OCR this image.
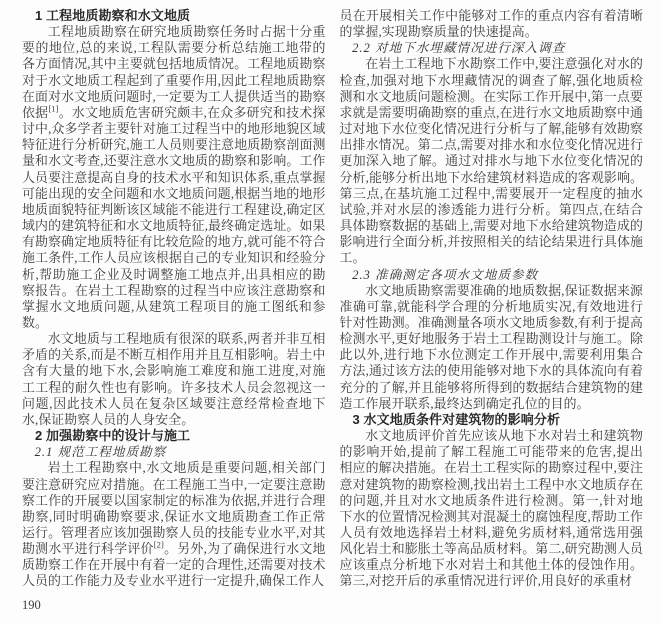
1 工程地质勘察和水文地质

工程地质勘察在研究地质勘察任务时占据十分重要的地位,总的来说,工程队需要分析总结施工地带的各方面情况,其中主要就包括地质情况。工程地质勘察对于水文地质工程起到了重要作用,因此工程地质勘察在面对水文地质问题时,一定要为工人提供适当的勘察依据[1]。水文地质危害研究颇丰,在众多研究和技术探讨中,众多学者主要针对施工过程当中的地形地貌区域特征进行分析研究,施工人员则要注意地质勘察剖面测量和水文考查,还要注意水文地质的勘察和影响。工作人员要注意提高自身的技术水平和知识体系,重点掌握可能出现的安全问题和水文地质问题,根据当地的地形地质面貌特征判断该区域能不能进行工程建设,确定区域内的建筑特征和水文地质特征,最终确定选址。如果有勘察确定地质特征有比较危险的地方,就可能不符合施工条件,工作人员应该根据自己的专业知识和经验分析,帮助施工企业及时调整施工地点并,出具相应的勘察报告。在岩土工程勘察的过程当中应该注意勘察和掌握水文地质问题,从建筑工程项目的施工图纸和参数。

水文地质与工程地质有很深的联系,两者并非互相矛盾的关系,而是不断互相作用并且互相影响。岩土中含有大量的地下水,会影响施工难度和施工进度,对施工工程的耐久性也有影响。许多技术人员会忽视这一问题,因此技术人员在复杂区域要注意经常检查地下水,保证勘察人员的人身安全。

2 加强勘察中的设计与施工
2.1 规范工程地质勘察

岩土工程勘察中,水文地质是重要问题,相关部门要注意研究应对措施。在工程施工当中,一定要注意勘察工作的开展要以国家制定的标准为依据,并进行合理勘察,同时明确勘察要求,保证水文地质勘查工作正常运行。管理者应该加强勘察人员的技能专业水平,对其勘测水平进行科学评价[2]。另外,为了确保进行水文地质勘察工作在开展中有着一定的合理性,还需要对技术人员的工作能力及专业水平进行一定提升,确保工作人

员在开展相关工作中能够对工作的重点内容有着清晰的掌握,实现勘察质量的快速提高。

2.2 对地下水埋藏情况进行深入调查

在岩土工程地下水勘察工作中,要注意强化对水的检查,加强对地下水埋藏情况的调查了解,强化地质检测和水文地质问题检测。在实际工作开展中,第一点要求就是需要明确勘察的重点,在进行水文地质勘察中通过对地下水位变化情况进行分析与了解,能够有效勘察出排水情况。第二点,需要对排水和水位变化情况进行更加深入地了解。通过对排水与地下水位变化情况的分析,能够分析出地下水给建筑材料造成的客观影响。第三点,在基坑施工过程中,需要展开一定程度的抽水试验,并对水层的渗透能力进行分析。第四点,在结合具体勘察数据的基础上,需要对地下水给建筑物造成的影响进行全面分析,并按照相关的结论结果进行具体施工。

2.3 准确测定各项水文地质参数

水文地质勘察需要准确的地质数据,保证数据来源准确可靠,就能科学合理的分析地质实况,有效地进行针对性勘测。准确测量各项水文地质参数,有利于提高检测水平,更好地服务于岩土工程勘测设计与施工。除此以外,进行地下水位测定工作开展中,需要利用集合方法,通过该方法的使用能够对地下水的具体流向有着充分的了解,并且能够将所得到的数据结合建筑物的建造工作展开联系,最终达到确定孔位的目的。

3 水文地质条件对建筑物的影响分析

水文地质评价首先应该从地下水对岩土和建筑物的影响开始,提前了解工程施工可能带来的危害,提出相应的解决措施。在岩土工程实际的勘察过程中,要注意对建筑物的勘察检测,找出岩土工程中水文地质存在的问题,并且对水文地质条件进行检测。第一,针对地下水的位置情况检测其对混凝土的腐蚀程度,帮助工作人员有效地选择岩土材料,避免劣质材料,通常选用强风化岩土和膨胀土等高品质材料。第二,研究勘测人员应该重点分析地下水对岩土和其他土体的侵蚀作用。第三,对挖开后的承重情况进行评价,用良好的承重材

190
